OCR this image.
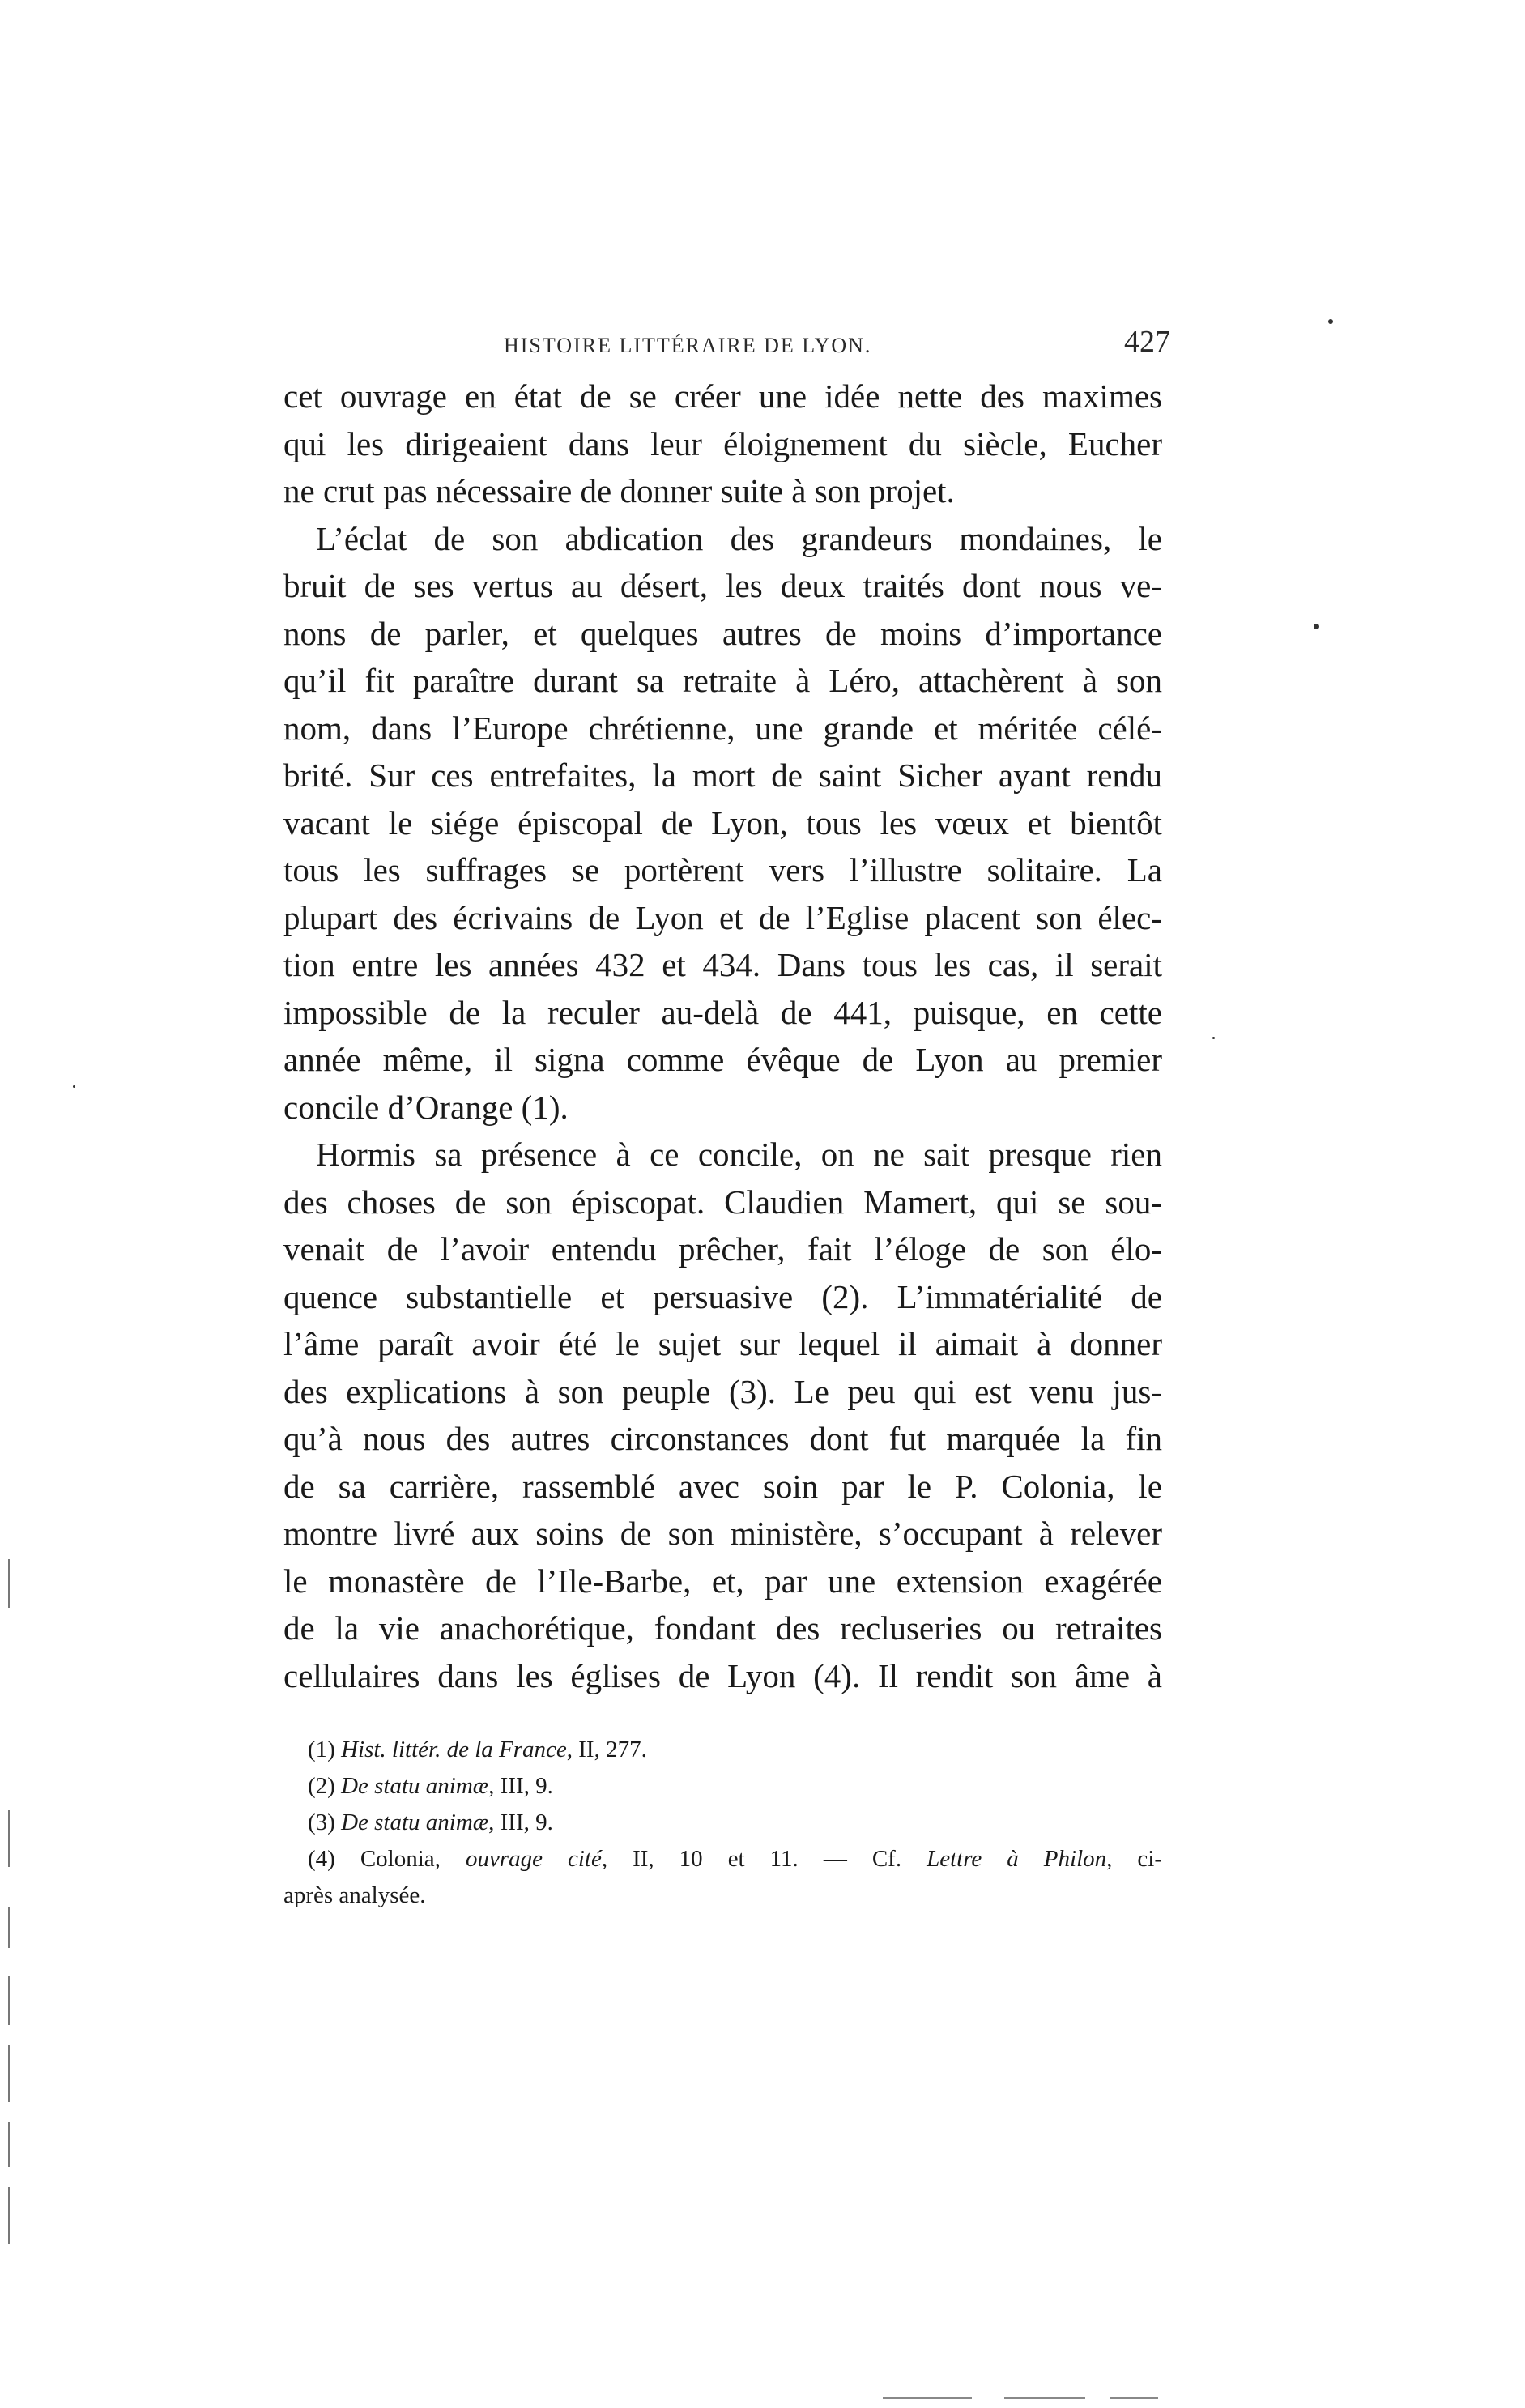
HISTOIRE LITTÉRAIRE DE LYON.	427

cet ouvrage en état de se créer une idée nette des maximes
qui les dirigeaient dans leur éloignement du siècle, Eucher
ne crut pas nécessaire de donner suite à son projet.

L’éclat de son abdication des grandeurs mondaines, le
bruit de ses vertus au désert, les deux traités dont nous ve-
nons de parler, et quelques autres de moins d’importance
qu’il fit paraître durant sa retraite à Léro, attachèrent à son
nom, dans l’Europe chrétienne, une grande et méritée célé-
brité. Sur ces entrefaites, la mort de saint Sicher ayant rendu
vacant le siége épiscopal de Lyon, tous les vœux et bientôt
tous les suffrages se portèrent vers l’illustre solitaire. La
plupart des écrivains de Lyon et de l’Eglise placent son élec-
tion entre les années 432 et 434. Dans tous les cas, il serait
impossible de la reculer au-delà de 441, puisque, en cette
année même, il signa comme évêque de Lyon au premier
concile d’Orange (1).

Hormis sa présence à ce concile, on ne sait presque rien
des choses de son épiscopat. Claudien Mamert, qui se sou-
venait de l’avoir entendu prêcher, fait l’éloge de son élo-
quence substantielle et persuasive (2). L’immatérialité de
l’âme paraît avoir été le sujet sur lequel il aimait à donner
des explications à son peuple (3). Le peu qui est venu jus-
qu’à nous des autres circonstances dont fut marquée la fin
de sa carrière, rassemblé avec soin par le P. Colonia, le
montre livré aux soins de son ministère, s’occupant à relever
le monastère de l’Ile-Barbe, et, par une extension exagérée
de la vie anachorétique, fondant des recluseries ou retraites
cellulaires dans les églises de Lyon (4). Il rendit son âme à

(1) Hist. littér. de la France, II, 277.
(2) De statu animæ, III, 9.
(3) De statu animæ, III, 9.
(4) Colonia, ouvrage cité, II, 10 et 11. — Cf. Lettre à Philon, ci-
après analysée.
